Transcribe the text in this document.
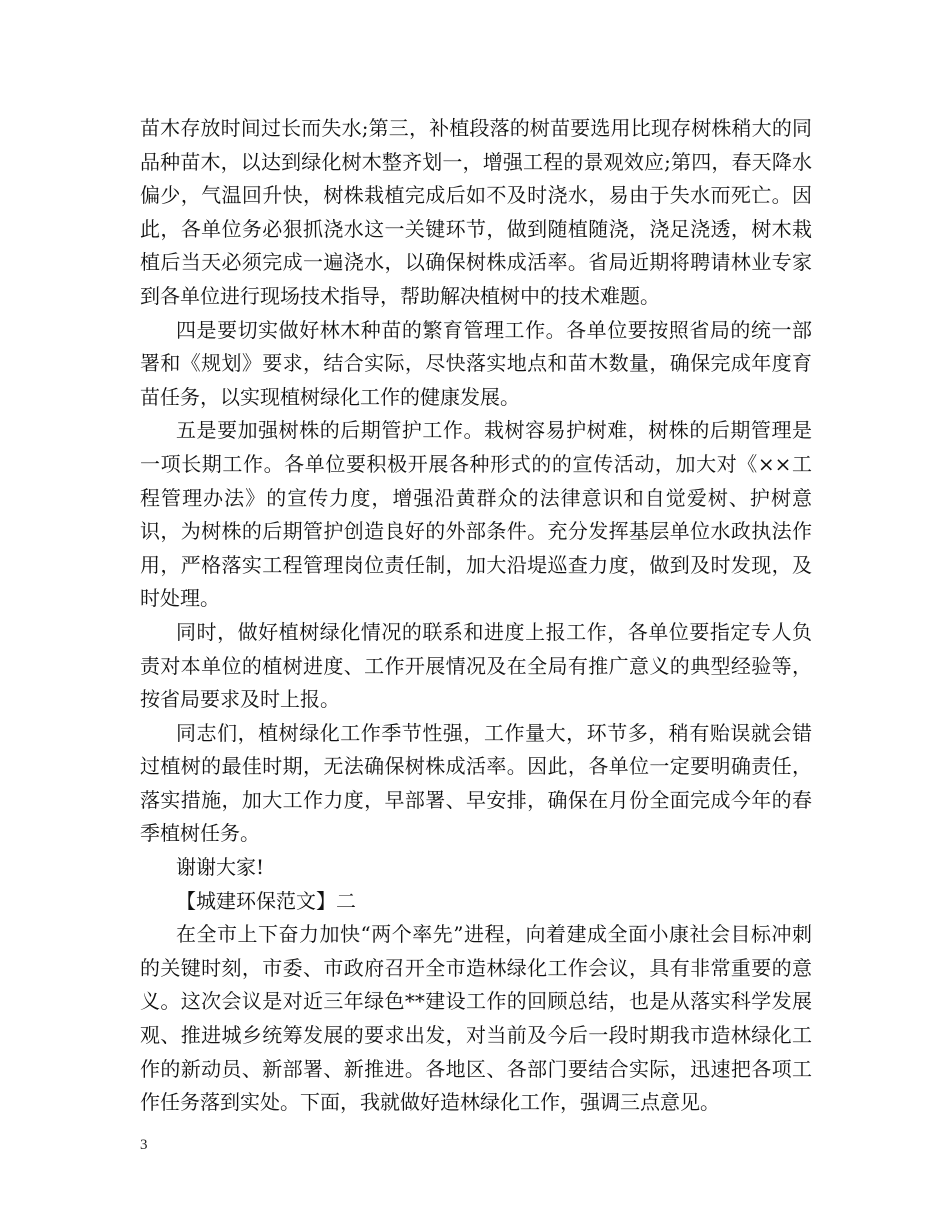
苗木存放时间过长而失水;第三，补植段落的树苗要选用比现存树株稍大的同品种苗木，以达到绿化树木整齐划一，增强工程的景观效应;第四，春天降水偏少，气温回升快，树株栽植完成后如不及时浇水，易由于失水而死亡。因此，各单位务必狠抓浇水这一关键环节，做到随植随浇，浇足浇透，树木栽植后当天必须完成一遍浇水，以确保树株成活率。省局近期将聘请林业专家到各单位进行现场技术指导，帮助解决植树中的技术难题。

四是要切实做好林木种苗的繁育管理工作。各单位要按照省局的统一部署和《规划》要求，结合实际，尽快落实地点和苗木数量，确保完成年度育苗任务，以实现植树绿化工作的健康发展。

五是要加强树株的后期管护工作。栽树容易护树难，树株的后期管理是一项长期工作。各单位要积极开展各种形式的的宣传活动，加大对《××工程管理办法》的宣传力度，增强沿黄群众的法律意识和自觉爱树、护树意识，为树株的后期管护创造良好的外部条件。充分发挥基层单位水政执法作用，严格落实工程管理岗位责任制，加大沿堤巡查力度，做到及时发现，及时处理。

同时，做好植树绿化情况的联系和进度上报工作，各单位要指定专人负责对本单位的植树进度、工作开展情况及在全局有推广意义的典型经验等，按省局要求及时上报。

同志们，植树绿化工作季节性强，工作量大，环节多，稍有贻误就会错过植树的最佳时期，无法确保树株成活率。因此，各单位一定要明确责任，落实措施，加大工作力度，早部署、早安排，确保在月份全面完成今年的春季植树任务。

谢谢大家!

【城建环保范文】二

在全市上下奋力加快“两个率先”进程，向着建成全面小康社会目标冲刺的关键时刻，市委、市政府召开全市造林绿化工作会议，具有非常重要的意义。这次会议是对近三年绿色**建设工作的回顾总结，也是从落实科学发展观、推进城乡统筹发展的要求出发，对当前及今后一段时期我市造林绿化工作的新动员、新部署、新推进。各地区、各部门要结合实际，迅速把各项工作任务落到实处。下面，我就做好造林绿化工作，强调三点意见。

3
